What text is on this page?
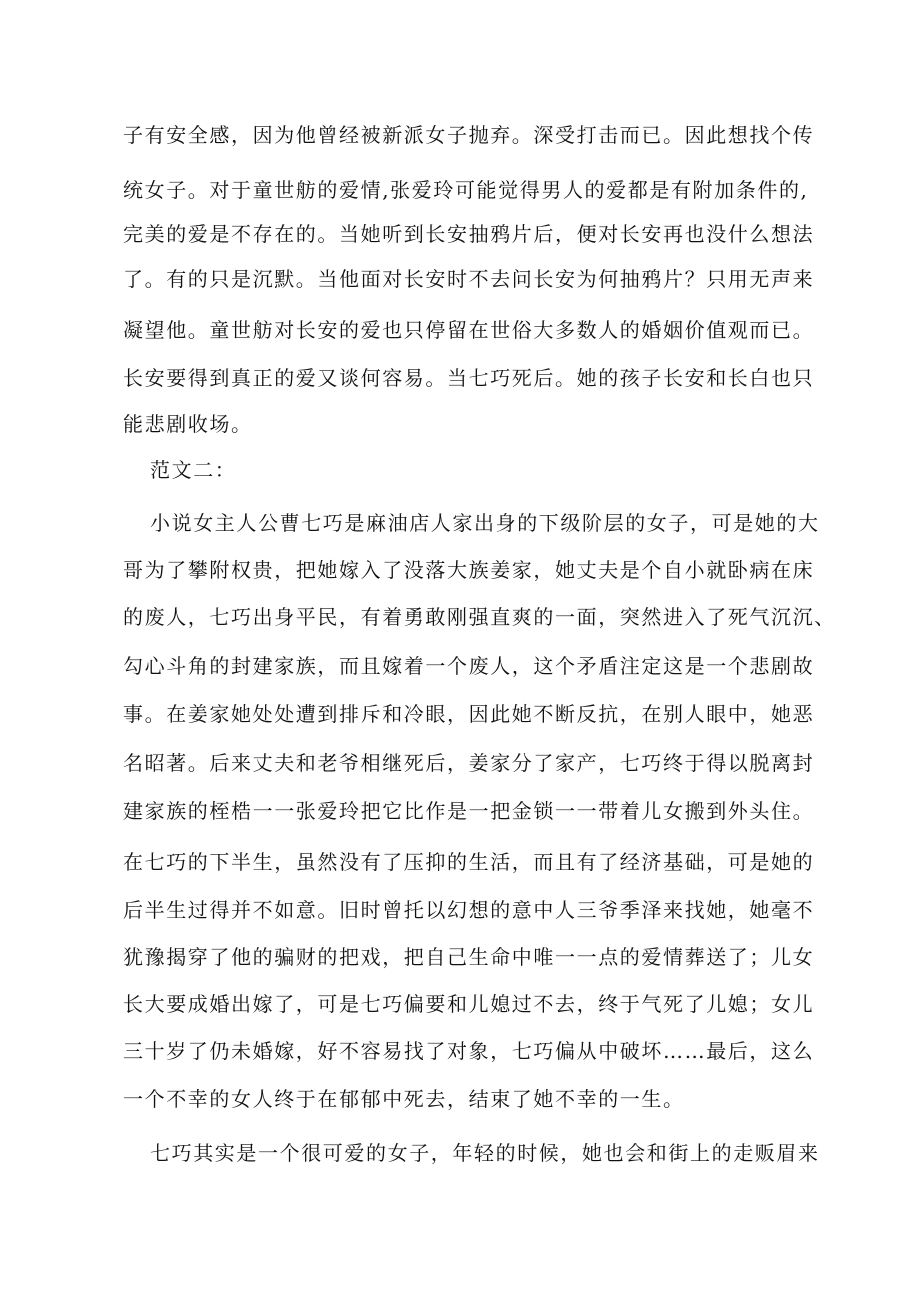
子有安全感，因为他曾经被新派女子抛弃。深受打击而已。因此想找个传
统女子。对于童世舫的爱情,张爱玲可能觉得男人的爱都是有附加条件的,
完美的爱是不存在的。当她听到长安抽鸦片后，便对长安再也没什么想法
了。有的只是沉默。当他面对长安时不去问长安为何抽鸦片？只用无声来
凝望他。童世舫对长安的爱也只停留在世俗大多数人的婚姻价值观而已。
长安要得到真正的爱又谈何容易。当七巧死后。她的孩子长安和长白也只
能悲剧收场。
范文二：
小说女主人公曹七巧是麻油店人家出身的下级阶层的女子，可是她的大
哥为了攀附权贵，把她嫁入了没落大族姜家，她丈夫是个自小就卧病在床
的废人，七巧出身平民，有着勇敢刚强直爽的一面，突然进入了死气沉沉、
勾心斗角的封建家族，而且嫁着一个废人，这个矛盾注定这是一个悲剧故
事。在姜家她处处遭到排斥和冷眼，因此她不断反抗，在别人眼中，她恶
名昭著。后来丈夫和老爷相继死后，姜家分了家产，七巧终于得以脱离封
建家族的桎梏一一张爱玲把它比作是一把金锁一一带着儿女搬到外头住。
在七巧的下半生，虽然没有了压抑的生活，而且有了经济基础，可是她的
后半生过得并不如意。旧时曾托以幻想的意中人三爷季泽来找她，她毫不
犹豫揭穿了他的骗财的把戏，把自己生命中唯一一点的爱情葬送了；儿女
长大要成婚出嫁了，可是七巧偏要和儿媳过不去，终于气死了儿媳；女儿
三十岁了仍未婚嫁，好不容易找了对象，七巧偏从中破坏……最后，这么
一个不幸的女人终于在郁郁中死去，结束了她不幸的一生。
七巧其实是一个很可爱的女子，年轻的时候，她也会和街上的走贩眉来
